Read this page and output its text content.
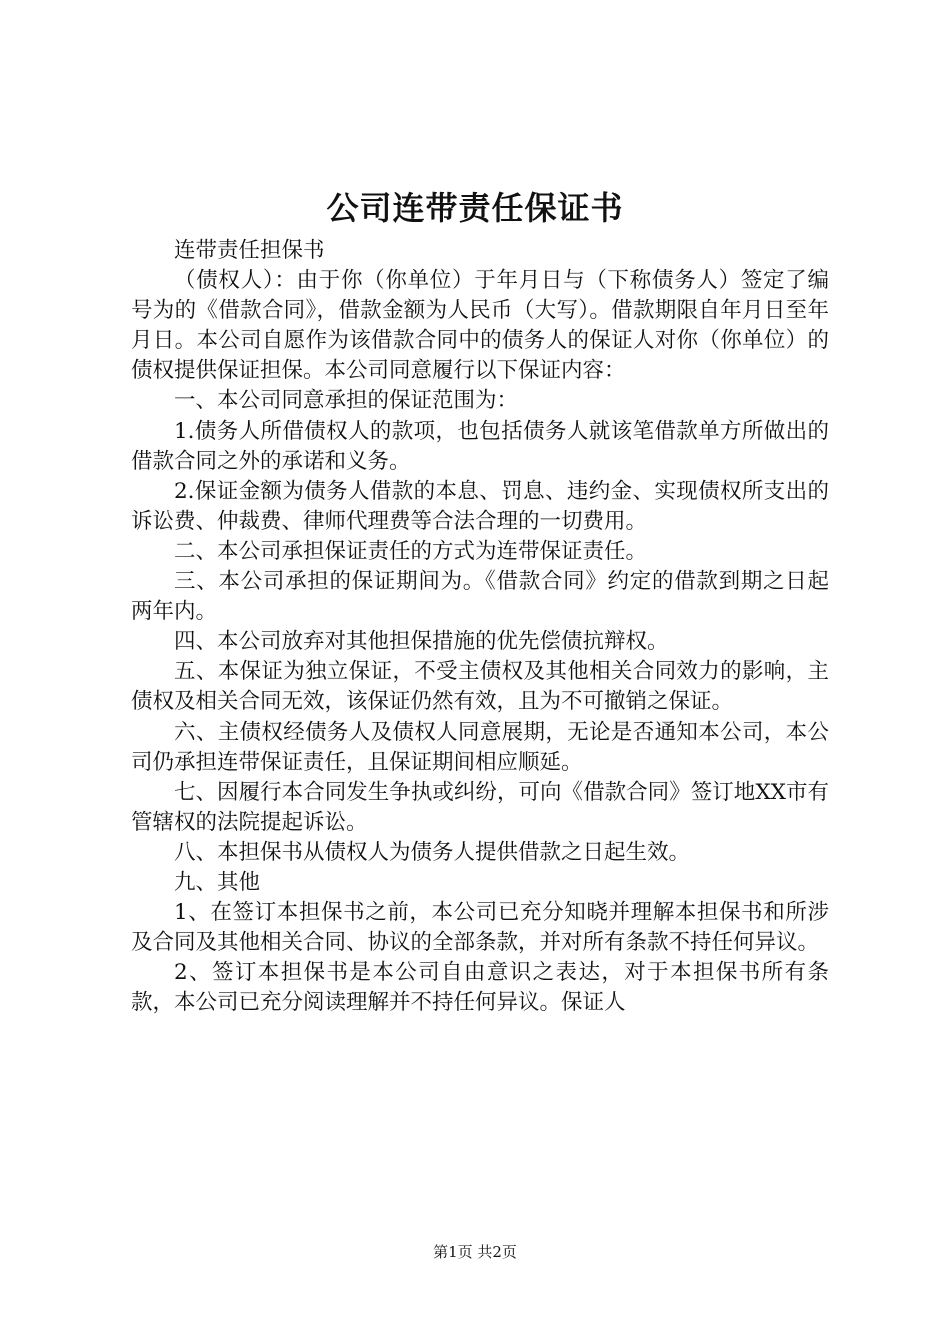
公司连带责任保证书

连带责任担保书

（债权人）：由于你（你单位）于年月日与（下称债务人）签定了编号为的《借款合同》，借款金额为人民币（大写）。借款期限自年月日至年月日。本公司自愿作为该借款合同中的债务人的保证人对你（你单位）的债权提供保证担保。本公司同意履行以下保证内容：

一、本公司同意承担的保证范围为：

1.债务人所借债权人的款项，也包括债务人就该笔借款单方所做出的借款合同之外的承诺和义务。

2.保证金额为债务人借款的本息、罚息、违约金、实现债权所支出的诉讼费、仲裁费、律师代理费等合法合理的一切费用。

二、本公司承担保证责任的方式为连带保证责任。

三、本公司承担的保证期间为。《借款合同》约定的借款到期之日起两年内。

四、本公司放弃对其他担保措施的优先偿债抗辩权。

五、本保证为独立保证，不受主债权及其他相关合同效力的影响，主债权及相关合同无效，该保证仍然有效，且为不可撤销之保证。

六、主债权经债务人及债权人同意展期，无论是否通知本公司，本公司仍承担连带保证责任，且保证期间相应顺延。

七、因履行本合同发生争执或纠纷，可向《借款合同》签订地XX市有管辖权的法院提起诉讼。

八、本担保书从债权人为债务人提供借款之日起生效。

九、其他

1、在签订本担保书之前，本公司已充分知晓并理解本担保书和所涉及合同及其他相关合同、协议的全部条款，并对所有条款不持任何异议。

2、签订本担保书是本公司自由意识之表达，对于本担保书所有条款，本公司已充分阅读理解并不持任何异议。保证人

第1页 共2页
